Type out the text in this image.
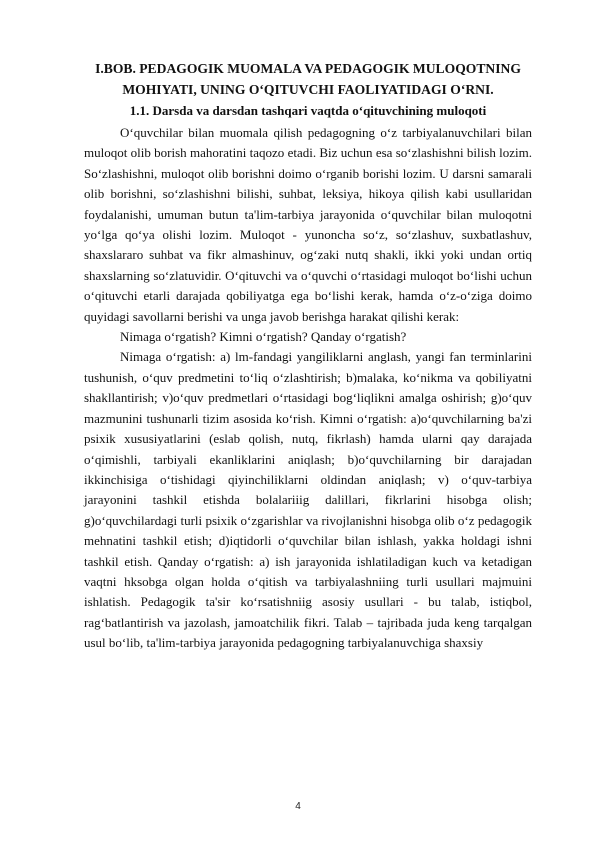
I.BOB. PEDAGOGIK MUOMALA VA PEDAGOGIK MULOQOTNING MOHIYATI, UNING O‘QITUVCHI FAOLIYATIDAGI O‘RNI.
1.1. Darsda va darsdan tashqari vaqtda o‘qituvchining muloqoti

O‘quvchilar bilan muomala qilish pedagogning o‘z tarbiyalanuvchilari bilan muloqot olib borish mahoratini taqozo etadi. Biz uchun esa so‘zlashishni bilish lozim. So‘zlashishni, muloqot olib borishni doimo o‘rganib borishi lozim. U darsni samarali olib borishni, so‘zlashishni bilishi, suhbat, leksiya, hikoya qilish kabi usullaridan foydalanishi, umuman butun ta'lim-tarbiya jarayonida o‘quvchilar bilan muloqotni yo‘lga qo‘ya olishi lozim. Muloqot - yunoncha so‘z, so‘zlashuv, suxbatlashuv, shaxslararo suhbat va fikr almashinuv, og‘zaki nutq shakli, ikki yoki undan ortiq shaxslarning so‘zlatuvidir. O‘qituvchi va o‘quvchi o‘rtasidagi muloqot bo‘lishi uchun o‘qituvchi etarli darajada qobiliyatga ega bo‘lishi kerak, hamda o‘z-o‘ziga doimo quyidagi savollarni berishi va unga javob berishga harakat qilishi kerak:

Nimaga o‘rgatish? Kimni o‘rgatish? Qanday o‘rgatish?

Nimaga o‘rgatish: a) lm-fandagi yangiliklarni anglash, yangi fan terminlarini tushunish, o‘quv predmetini to‘liq o‘zlashtirish; b)malaka, ko‘nikma va qobiliyatni shakllantirish; v)o‘quv predmetlari o‘rtasidagi bog‘liqlikni amalga oshirish; g)o‘quv mazmunini tushunarli tizim asosida ko‘rish. Kimni o‘rgatish: a)o‘quvchilarning ba'zi psixik xususiyatlarini (eslab qolish, nutq, fikrlash) hamda ularni qay darajada o‘qimishli, tarbiyali ekanliklarini aniqlash; b)o‘quvchilarning bir darajadan ikkinchisiga o‘tishidagi qiyinchiliklarni oldindan aniqlash; v) o‘quv-tarbiya jarayonini tashkil etishda bolalariiig dalillari, fikrlarini hisobga olish; g)o‘quvchilardagi turli psixik o‘zgarishlar va rivojlanishni hisobga olib o‘z pedagogik mehnatini tashkil etish; d)iqtidorli o‘quvchilar bilan ishlash, yakka holdagi ishni tashkil etish. Qanday o‘rgatish: a) ish jarayonida ishlatiladigan kuch va ketadigan vaqtni hksobga olgan holda o‘qitish va tarbiyalashniing turli usullari majmuini ishlatish. Pedagogik ta'sir ko‘rsatishniig asosiy usullari - bu talab, istiqbol, rag‘batlantirish va jazolash, jamoatchilik fikri. Talab – tajribada juda keng tarqalgan usul bo‘lib, ta'lim-tarbiya jarayonida pedagogning tarbiyalanuvchiga shaxsiy

4
